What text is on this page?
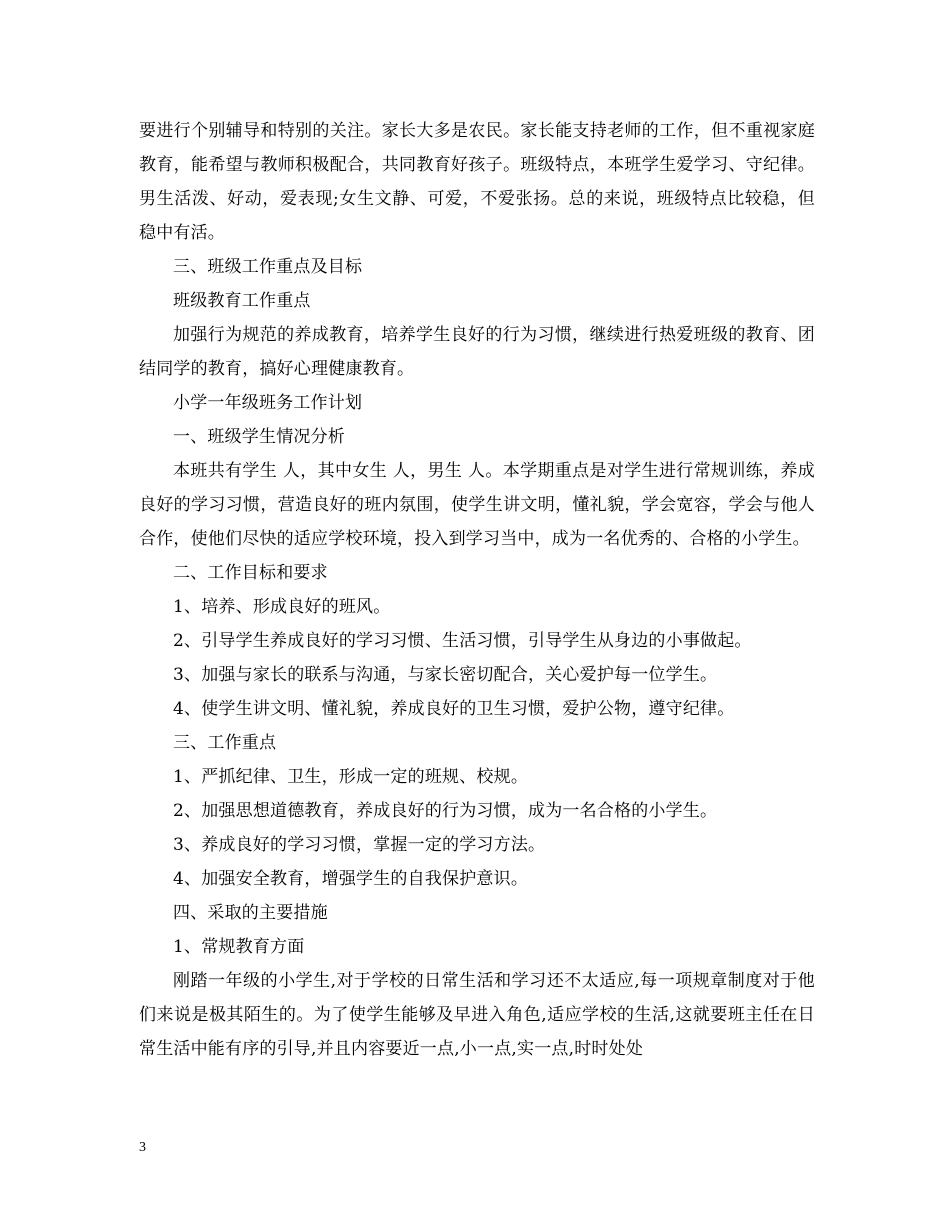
要进行个别辅导和特别的关注。家长大多是农民。家长能支持老师的工作，但不重视家庭教育，能希望与教师积极配合，共同教育好孩子。班级特点，本班学生爱学习、守纪律。男生活泼、好动，爱表现;女生文静、可爱，不爱张扬。总的来说，班级特点比较稳，但稳中有活。

三、班级工作重点及目标

班级教育工作重点

加强行为规范的养成教育，培养学生良好的行为习惯，继续进行热爱班级的教育、团结同学的教育，搞好心理健康教育。

小学一年级班务工作计划

一、班级学生情况分析

本班共有学生 人，其中女生 人，男生 人。本学期重点是对学生进行常规训练，养成良好的学习习惯，营造良好的班内氛围，使学生讲文明，懂礼貌，学会宽容，学会与他人合作，使他们尽快的适应学校环境，投入到学习当中，成为一名优秀的、合格的小学生。

二、工作目标和要求

1、培养、形成良好的班风。

2、引导学生养成良好的学习习惯、生活习惯，引导学生从身边的小事做起。

3、加强与家长的联系与沟通，与家长密切配合，关心爱护每一位学生。

4、使学生讲文明、懂礼貌，养成良好的卫生习惯，爱护公物，遵守纪律。

三、工作重点

1、严抓纪律、卫生，形成一定的班规、校规。

2、加强思想道德教育，养成良好的行为习惯，成为一名合格的小学生。

3、养成良好的学习习惯，掌握一定的学习方法。

4、加强安全教育，增强学生的自我保护意识。

四、采取的主要措施

1、常规教育方面

刚踏一年级的小学生,对于学校的日常生活和学习还不太适应,每一项规章制度对于他们来说是极其陌生的。为了使学生能够及早进入角色,适应学校的生活,这就要班主任在日常生活中能有序的引导,并且内容要近一点,小一点,实一点,时时处处

3
